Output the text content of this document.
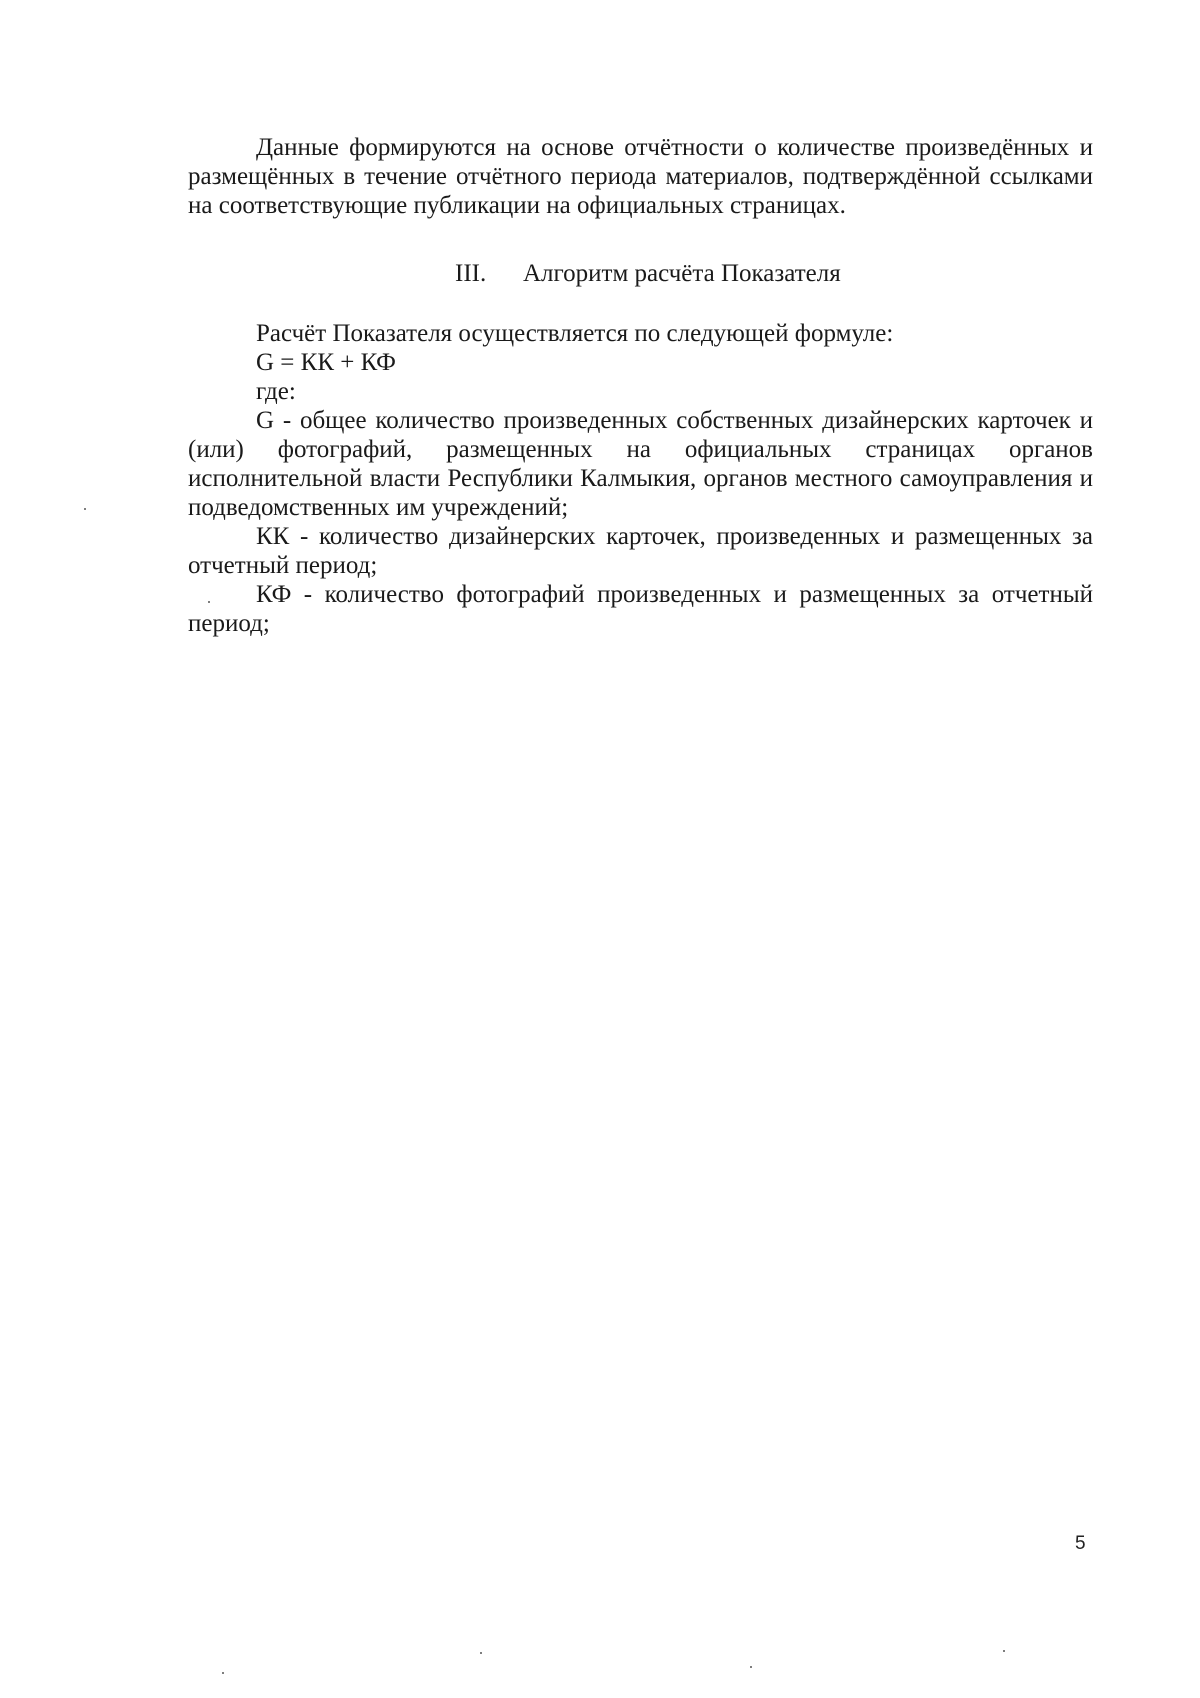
Данные формируются на основе отчётности о количестве произведённых и размещённых в течение отчётного периода материалов, подтверждённой ссылками на соответствующие публикации на официальных страницах.

III. Алгоритм расчёта Показателя

Расчёт Показателя осуществляется по следующей формуле:

G = КК + КФ

где:

G - общее количество произведенных собственных дизайнерских карточек и (или) фотографий, размещенных на официальных страницах органов исполнительной власти Республики Калмыкия, органов местного самоуправления и подведомственных им учреждений;

КК - количество дизайнерских карточек, произведенных и размещенных за отчетный период;

КФ - количество фотографий произведенных и размещенных за отчетный период;

5
